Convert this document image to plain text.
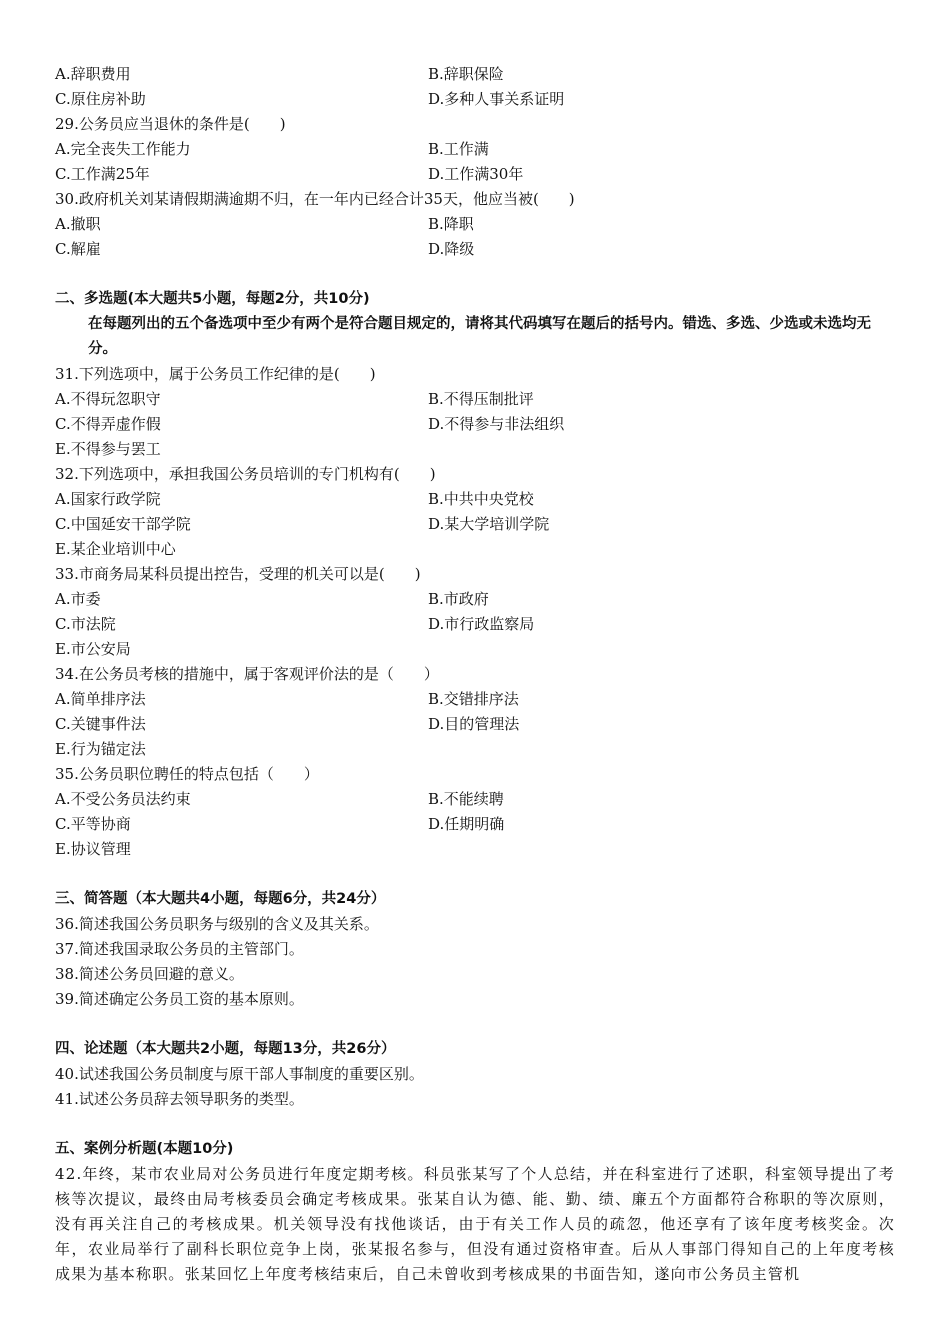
A.辞职费用	B.辞职保险
C.原住房补助	D.多种人事关系证明
29.公务员应当退休的条件是(　　)
A.完全丧失工作能力	B.工作满
C.工作满25年	D.工作满30年
30.政府机关刘某请假期满逾期不归，在一年内已经合计35天，他应当被(　　)
A.撤职	B.降职
C.解雇	D.降级
二、多选题(本大题共5小题，每题2分，共10分)
在每题列出的五个备选项中至少有两个是符合题目规定的，请将其代码填写在题后的括号内。错选、多选、少选或未选均无分。
31.下列选项中，属于公务员工作纪律的是(　　)
A.不得玩忽职守	B.不得压制批评
C.不得弄虚作假	D.不得参与非法组织
E.不得参与罢工
32.下列选项中，承担我国公务员培训的专门机构有(　　)
A.国家行政学院	B.中共中央党校
C.中国延安干部学院	D.某大学培训学院
E.某企业培训中心
33.市商务局某科员提出控告，受理的机关可以是(　　)
A.市委	B.市政府
C.市法院	D.市行政监察局
E.市公安局
34.在公务员考核的措施中，属于客观评价法的是（　　）
A.简单排序法	B.交错排序法
C.关键事件法	D.目的管理法
E.行为锚定法
35.公务员职位聘任的特点包括（　　）
A.不受公务员法约束	B.不能续聘
C.平等协商	D.任期明确
E.协议管理
三、简答题（本大题共4小题，每题6分，共24分）
36.简述我国公务员职务与级别的含义及其关系。
37.简述我国录取公务员的主管部门。
38.简述公务员回避的意义。
39.简述确定公务员工资的基本原则。
四、论述题（本大题共2小题，每题13分，共26分）
40.试述我国公务员制度与原干部人事制度的重要区别。
41.试述公务员辞去领导职务的类型。
五、案例分析题(本题10分)
42.年终，某市农业局对公务员进行年度定期考核。科员张某写了个人总结，并在科室进行了述职，科室领导提出了考核等次提议，最终由局考核委员会确定考核成果。张某自认为德、能、勤、绩、廉五个方面都符合称职的等次原则，没有再关注自己的考核成果。机关领导没有找他谈话，由于有关工作人员的疏忽，他还享有了该年度考核奖金。次年，农业局举行了副科长职位竞争上岗，张某报名参与，但没有通过资格审查。后从人事部门得知自己的上年度考核成果为基本称职。张某回忆上年度考核结束后，自己未曾收到考核成果的书面告知，遂向市公务员主管机
